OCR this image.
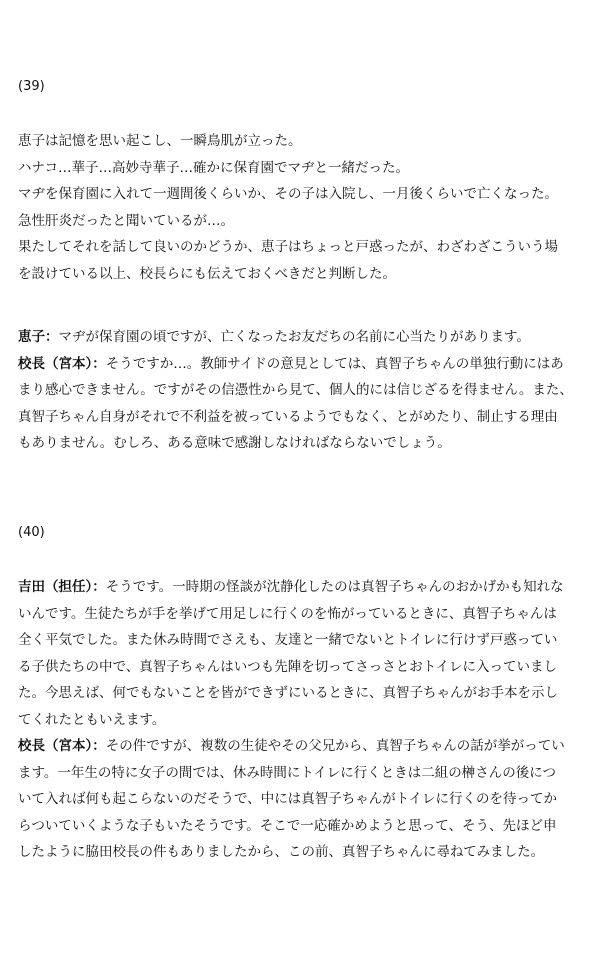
(39)

恵子は記憶を思い起こし、一瞬鳥肌が立った。

ハナコ…華子…高妙寺華子…確かに保育園でマヂと一緒だった。

マヂを保育園に入れて一週間後くらいか、その子は入院し、一月後くらいで亡くなった。

急性肝炎だったと聞いているが…。

果たしてそれを話して良いのかどうか、恵子はちょっと戸惑ったが、わざわざこういう場

を設けている以上、校長らにも伝えておくべきだと判断した。

恵子：マヂが保育園の頃ですが、亡くなったお友だちの名前に心当たりがあります。

校長（宮本）：そうですか…。教師サイドの意見としては、真智子ちゃんの単独行動にはあ

まり感心できません。ですがその信憑性から見て、個人的には信じざるを得ません。また、

真智子ちゃん自身がそれで不利益を被っているようでもなく、とがめたり、制止する理由

もありません。むしろ、ある意味で感謝しなければならないでしょう。

(40)

吉田（担任）：そうです。一時期の怪談が沈静化したのは真智子ちゃんのおかげかも知れな

いんです。生徒たちが手を挙げて用足しに行くのを怖がっているときに、真智子ちゃんは

全く平気でした。また休み時間でさえも、友達と一緒でないとトイレに行けず戸惑ってい

る子供たちの中で、真智子ちゃんはいつも先陣を切ってさっさとおトイレに入っていまし

た。今思えば、何でもないことを皆ができずにいるときに、真智子ちゃんがお手本を示し

てくれたともいえます。

校長（宮本）：その件ですが、複数の生徒やその父兄から、真智子ちゃんの話が挙がってい

ます。一年生の特に女子の間では、休み時間にトイレに行くときは二組の榊さんの後につ

いて入れば何も起こらないのだそうで、中には真智子ちゃんがトイレに行くのを待ってか

らついていくような子もいたそうです。そこで一応確かめようと思って、そう、先ほど申

したように脇田校長の件もありましたから、この前、真智子ちゃんに尋ねてみました。
